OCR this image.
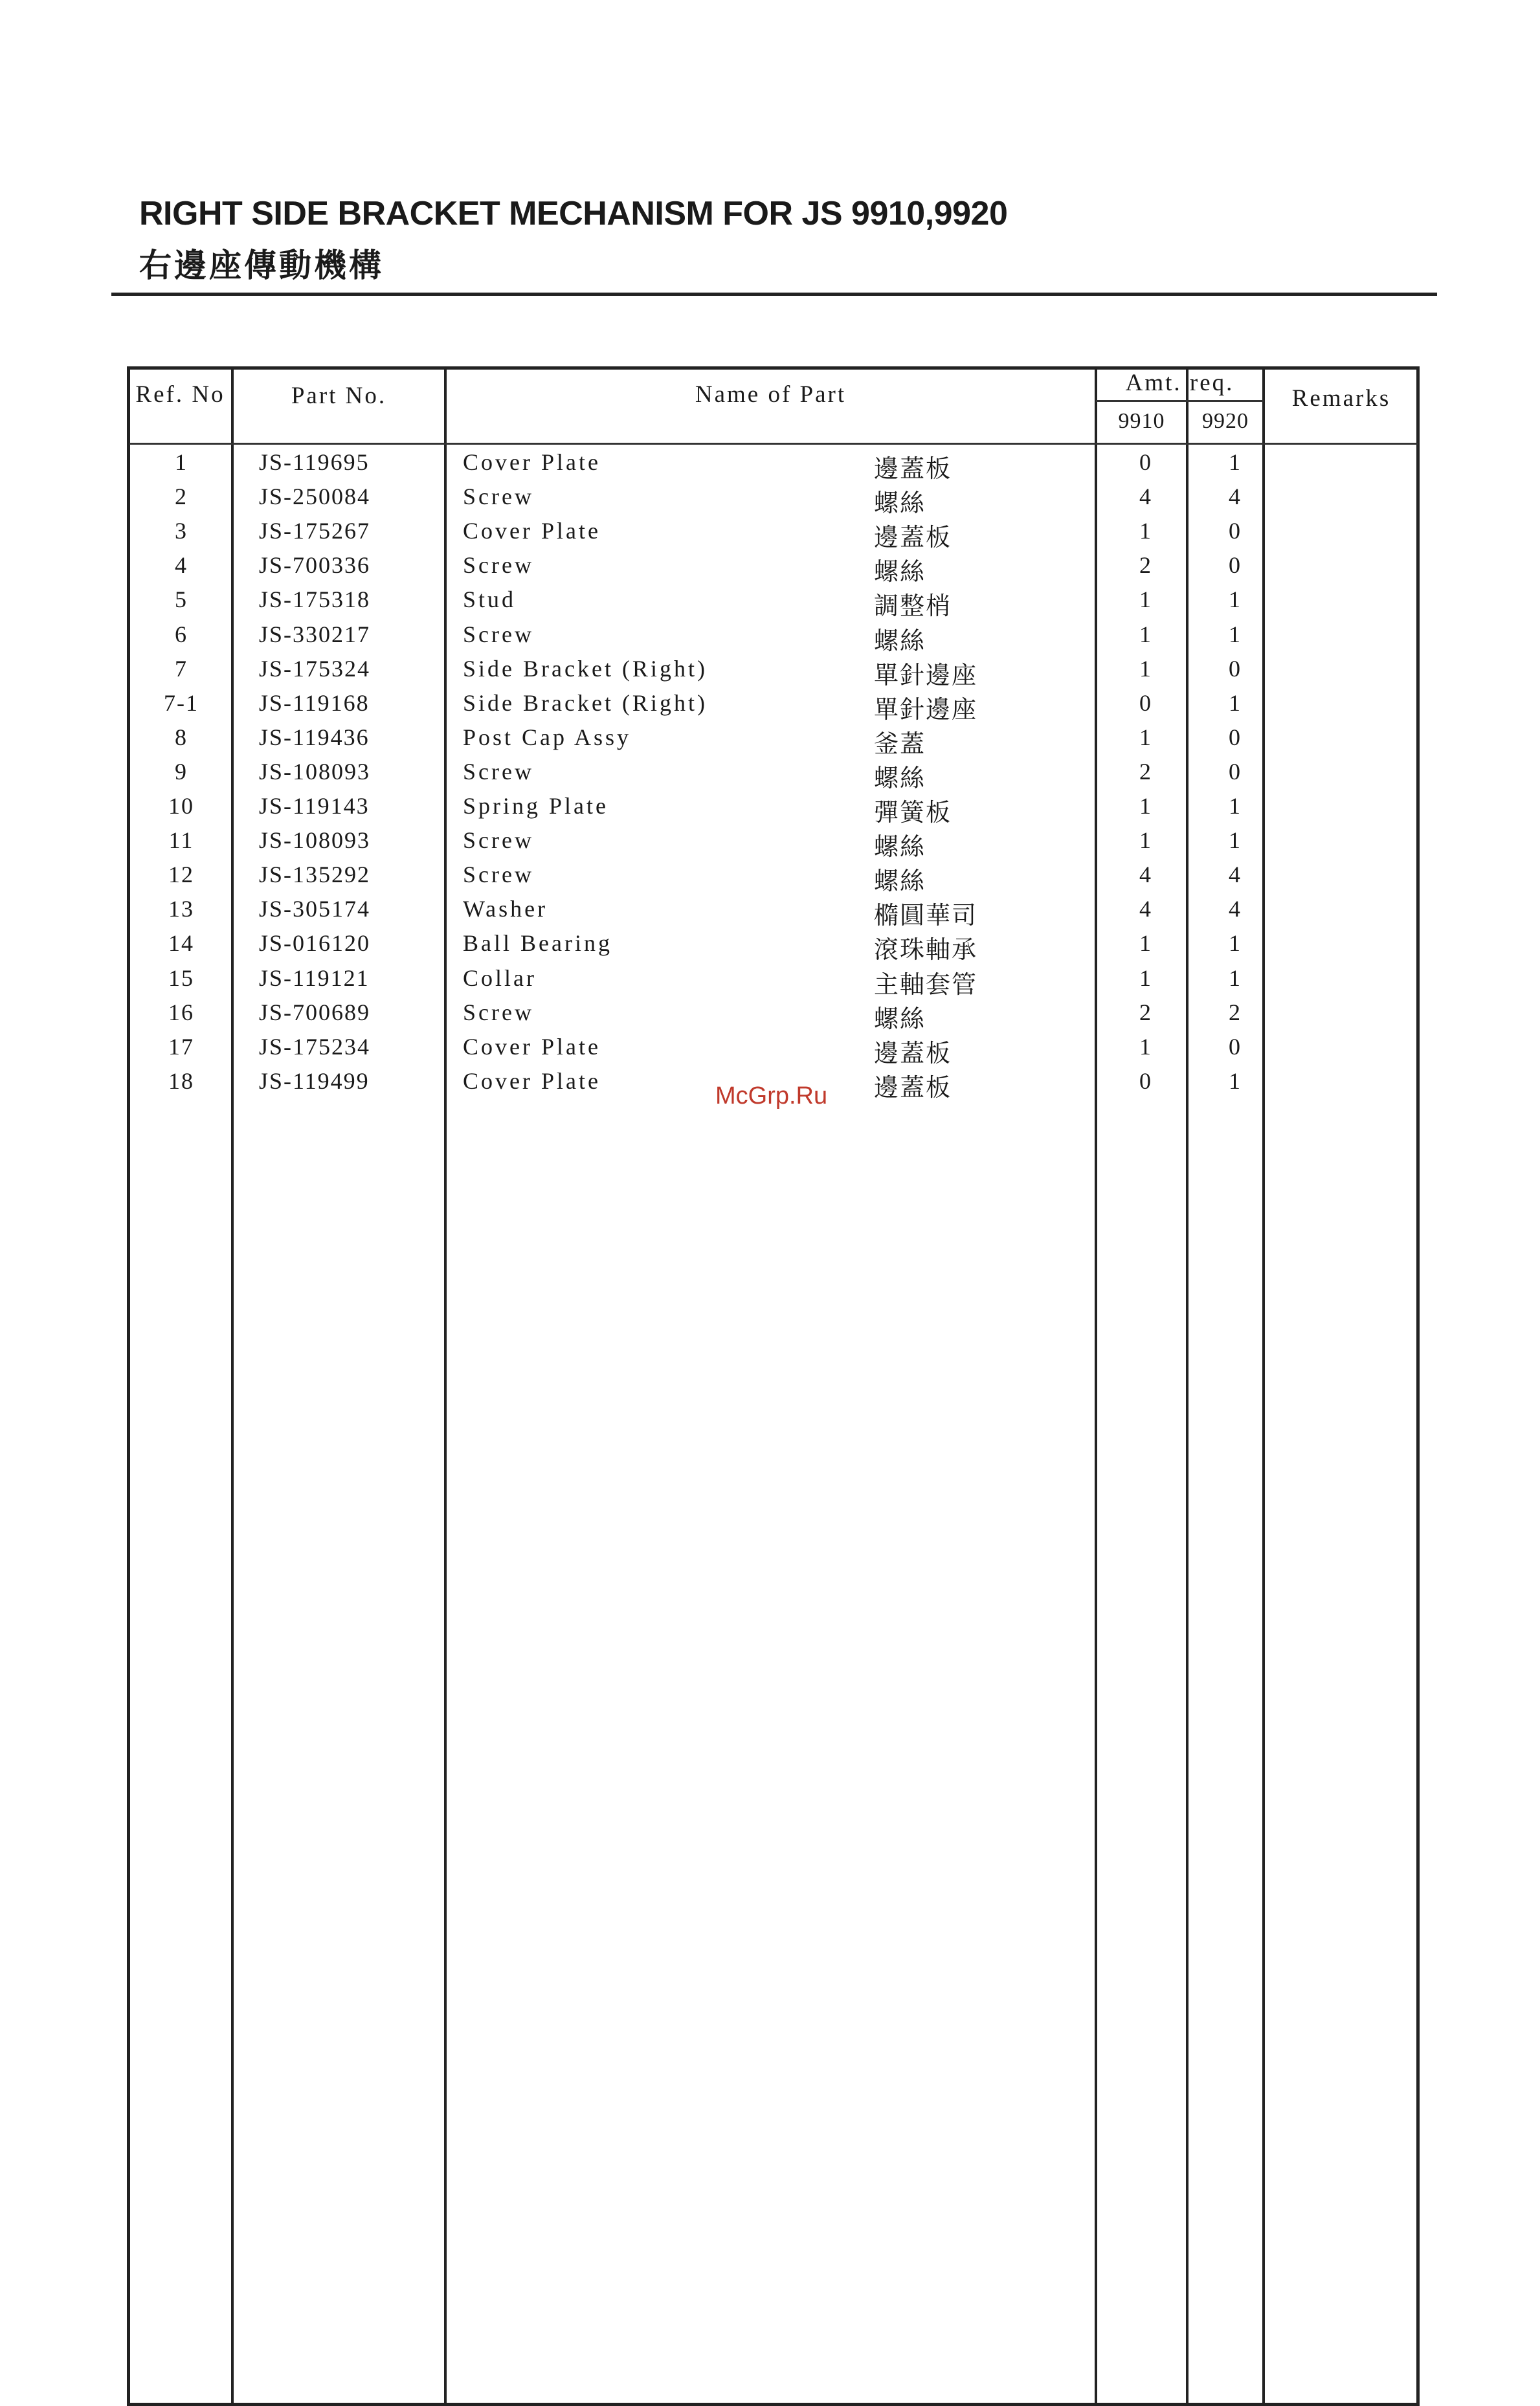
RIGHT SIDE BRACKET MECHANISM FOR JS 9910,9920
右邊座傳動機構
Ref. No	Part No.	Name of Part	Amt. req.
9910	9920
Remarks
1	JS-119695	Cover Plate	邊蓋板	0	1
2	JS-250084	Screw	螺絲	4	4
3	JS-175267	Cover Plate	邊蓋板	1	0
4	JS-700336	Screw	螺絲	2	0
5	JS-175318	Stud	調整梢	1	1
6	JS-330217	Screw	螺絲	1	1
7	JS-175324	Side Bracket (Right)	單針邊座	1	0
7-1	JS-119168	Side Bracket (Right)	單針邊座	0	1
8	JS-119436	Post Cap Assy	釜蓋	1	0
9	JS-108093	Screw	螺絲	2	0
10	JS-119143	Spring Plate	彈簧板	1	1
11	JS-108093	Screw	螺絲	1	1
12	JS-135292	Screw	螺絲	4	4
13	JS-305174	Washer	橢圓華司	4	4
14	JS-016120	Ball Bearing	滾珠軸承	1	1
15	JS-119121	Collar	主軸套管	1	1
16	JS-700689	Screw	螺絲	2	2
17	JS-175234	Cover Plate	邊蓋板	1	0
18	JS-119499	Cover Plate	邊蓋板	0	1
McGrp.Ru
